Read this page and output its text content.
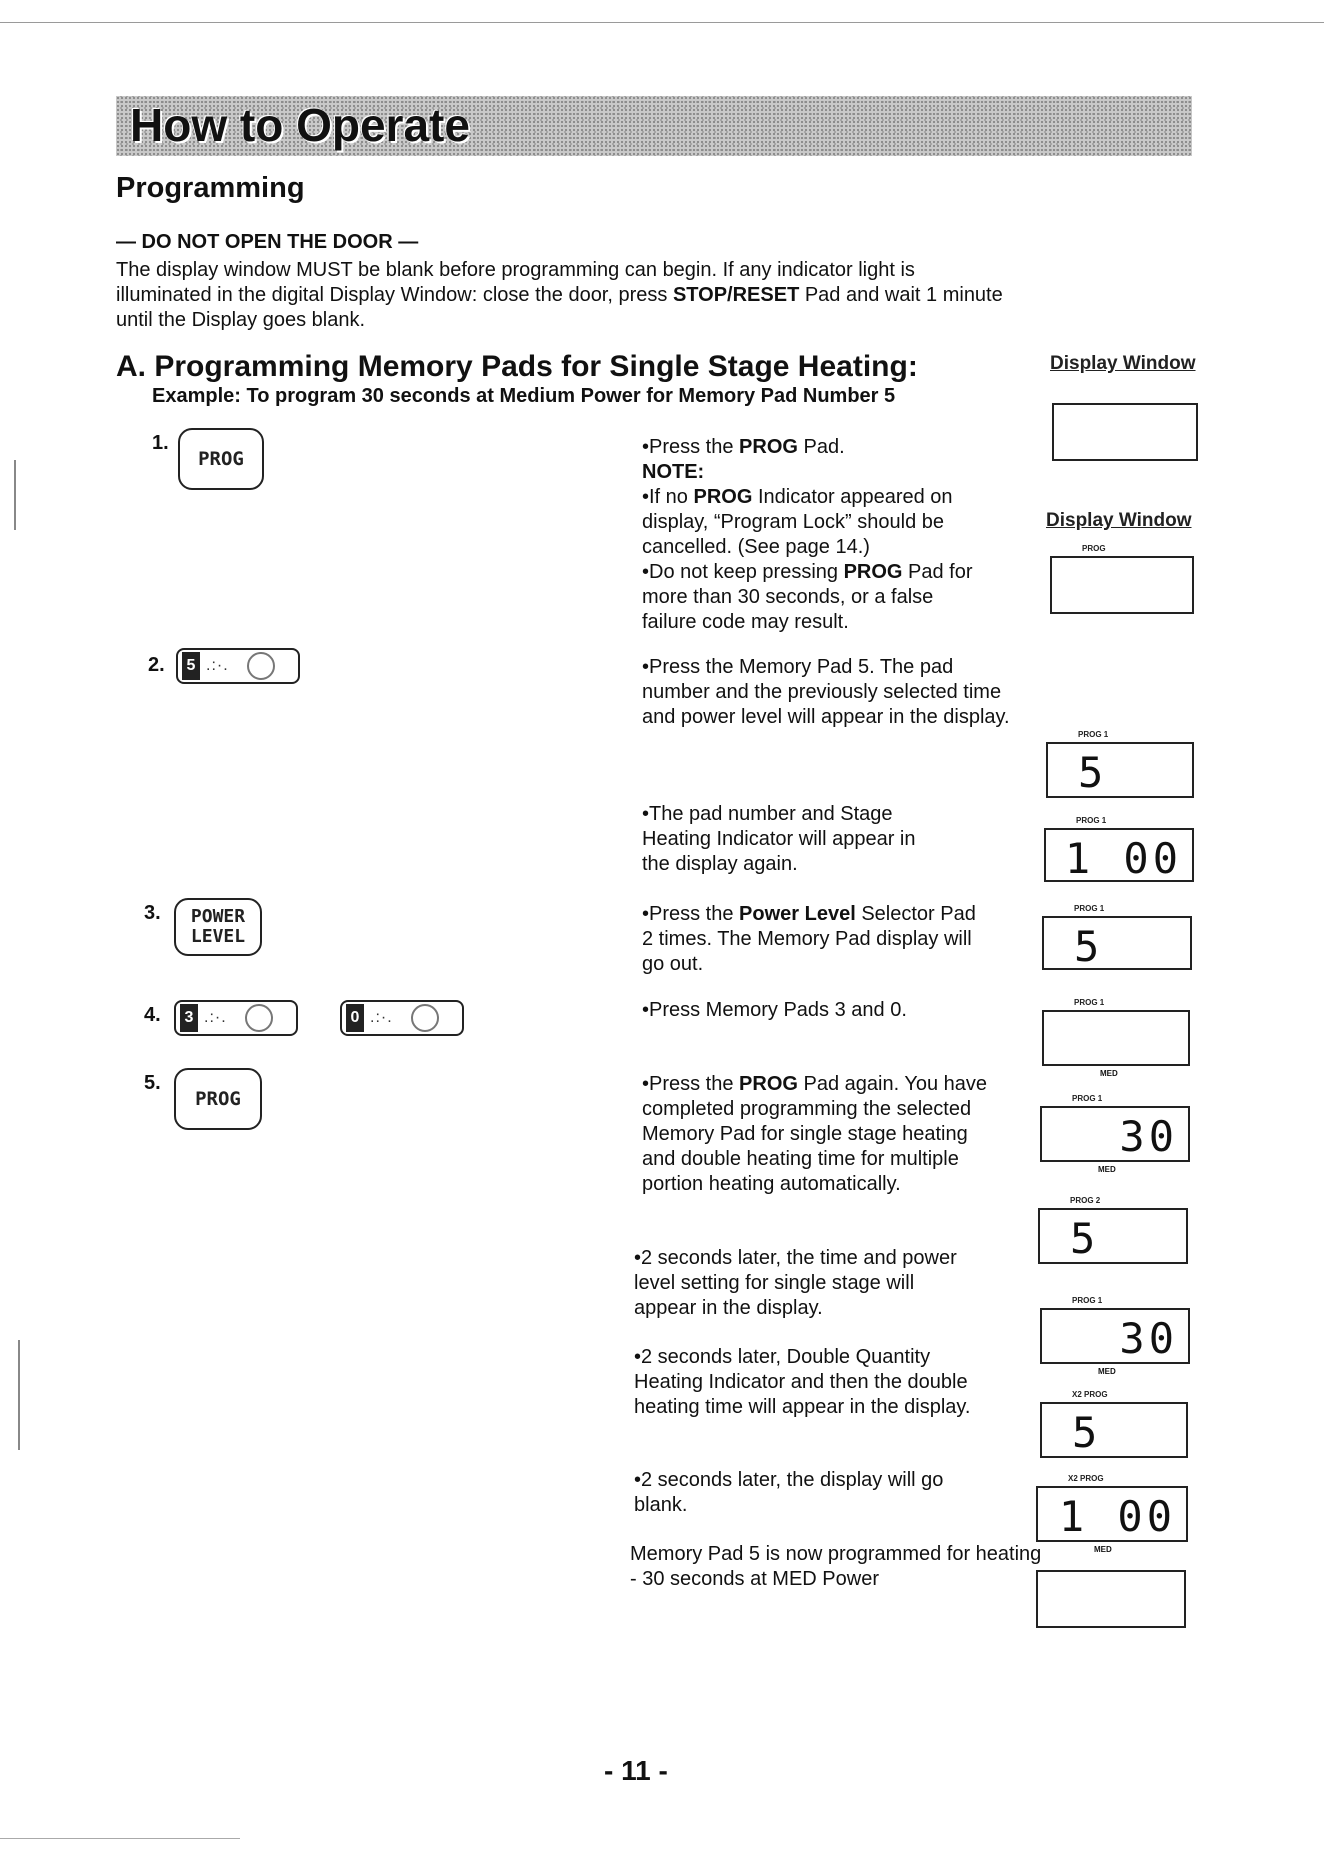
How to Operate
Programming
— DO NOT OPEN THE DOOR —
The display window MUST be blank before programming can begin. If any indicator light is illuminated in the digital Display Window: close the door, press STOP/RESET Pad and wait 1 minute until the Display goes blank.
A. Programming Memory Pads for Single Stage Heating:
Example: To program 30 seconds at Medium Power for Memory Pad Number 5
Display Window
Display Window
1.
PROG
2. 5 .:·.
3. POWER
LEVEL
4. 3 .:·.	0 .:·.
5.
PROG
•Press the PROG Pad.
NOTE:
•If no PROG Indicator appeared on display, “Program Lock” should be cancelled. (See page 14.)
•Do not keep pressing PROG Pad for more than 30 seconds, or a false failure code may result.
•Press the Memory Pad 5. The pad number and the previously selected time and power level will appear in the display.
•The pad number and Stage Heating Indicator will appear in the display again.
•Press the Power Level Selector Pad 2 times. The Memory Pad display will go out.
•Press Memory Pads 3 and 0.
•Press the PROG Pad again. You have completed programming the selected Memory Pad for single stage heating and double heating time for multiple portion heating automatically.
•2 seconds later, the time and power level setting for single stage will appear in the display.
•2 seconds later, Double Quantity Heating Indicator and then the double heating time will appear in the display.
•2 seconds later, the display will go blank.
Memory Pad 5 is now programmed for heating - 30 seconds at MED Power
PROG
PROG 1
5
PROG 1
1 00
PROG 1
5
PROG 1
MED
PROG 1
30
MED
PROG 2
5
PROG 1
30
MED
X2 PROG
5
X2 PROG
1 00
MED
- 11 -
